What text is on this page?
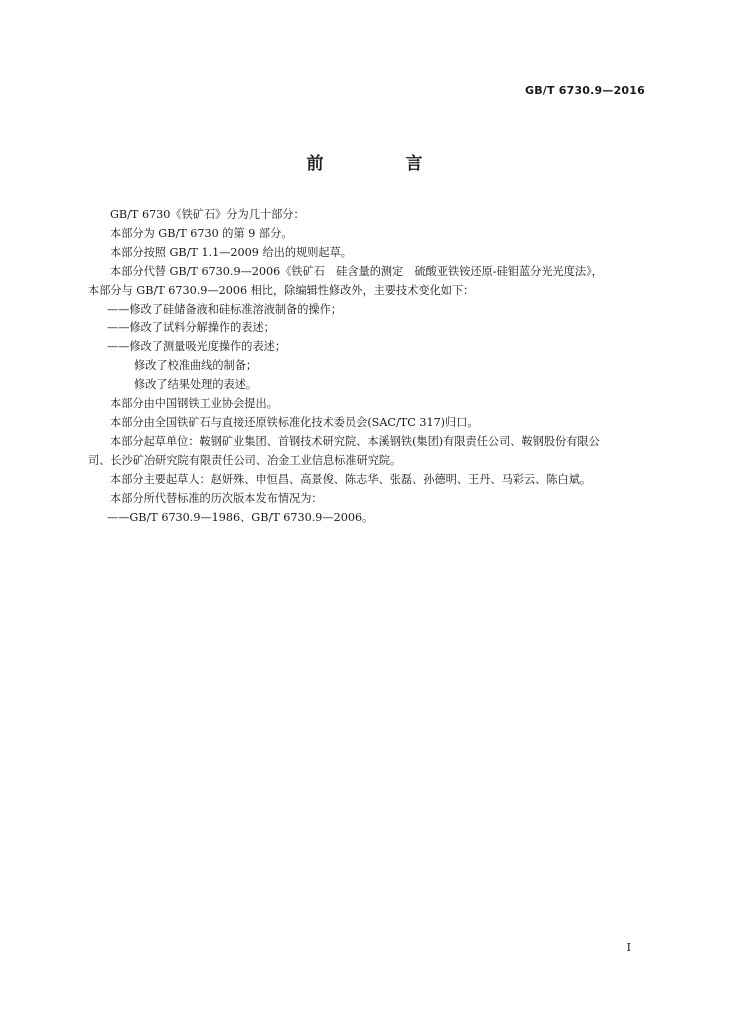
GB/T 6730.9—2016
前 言

GB/T 6730《铁矿石》分为几十部分：

本部分为 GB/T 6730 的第 9 部分。

本部分按照 GB/T 1.1—2009 给出的规则起草。

本部分代替 GB/T 6730.9—2006《铁矿石　硅含量的测定　硫酸亚铁铵还原-硅钼蓝分光光度法》，

本部分与 GB/T 6730.9—2006 相比，除编辑性修改外，主要技术变化如下：

——修改了硅储备液和硅标准溶液制备的操作；

——修改了试料分解操作的表述；

——修改了测量吸光度操作的表述；

修改了校准曲线的制备；

修改了结果处理的表述。

本部分由中国钢铁工业协会提出。

本部分由全国铁矿石与直接还原铁标准化技术委员会(SAC/TC 317)归口。

本部分起草单位：鞍钢矿业集团、首钢技术研究院、本溪钢铁(集团)有限责任公司、鞍钢股份有限公

司、长沙矿冶研究院有限责任公司、冶金工业信息标准研究院。

本部分主要起草人：赵妍殊、申恒昌、高景俊、陈志华、张磊、孙德明、王丹、马彩云、陈白斌。

本部分所代替标准的历次版本发布情况为：

——GB/T 6730.9—1986、GB/T 6730.9—2006。

I
